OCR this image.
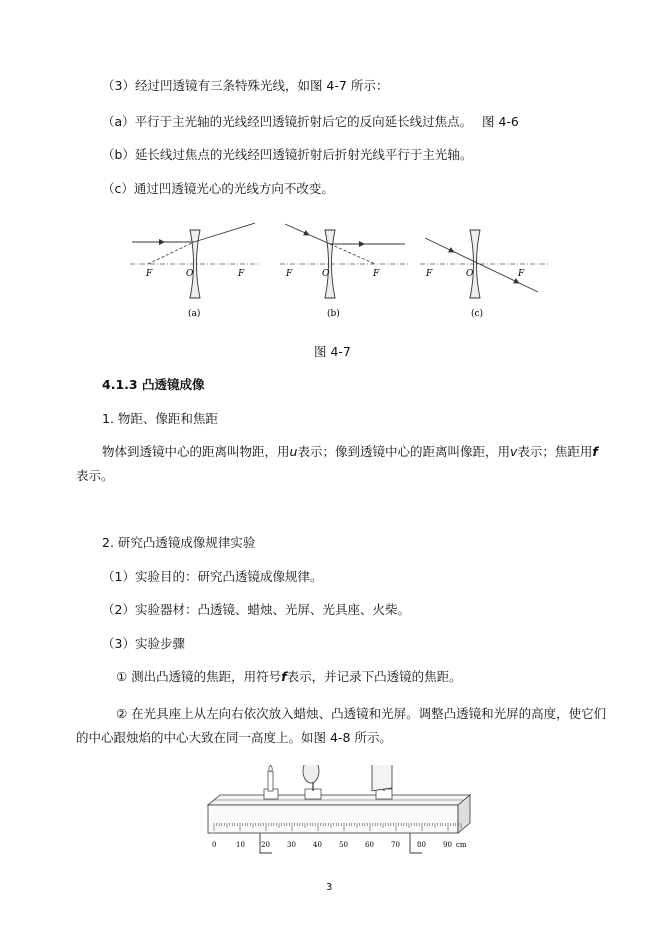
（3）经过凹透镜有三条特殊光线，如图 4-7 所示：
（a）平行于主光轴的光线经凹透镜折射后它的反向延长线过焦点。 图 4-6
（b）延长线过焦点的光线经凹透镜折射后折射光线平行于主光轴。
（c）通过凹透镜光心的光线方向不改变。
F	O	F
(a)
F	O	F
(b)
F	O	F
(c)
图 4-7
4.1.3 凸透镜成像
1. 物距、像距和焦距
物体到透镜中心的距离叫物距，用u表示；像到透镜中心的距离叫像距，用v表示；焦距用f
表示。
2. 研究凸透镜成像规律实验
（1）实验目的：研究凸透镜成像规律。
（2）实验器材：凸透镜、蜡烛、光屏、光具座、火柴。
（3）实验步骤
① 测出凸透镜的焦距，用符号f表示，并记录下凸透镜的焦距。
② 在光具座上从左向右依次放入蜡烛、凸透镜和光屏。调整凸透镜和光屏的高度，使它们
的中心跟烛焰的中心大致在同一高度上。如图 4-8 所示。
0	10 20 30 40 50 60 70 80 90 cm
3
